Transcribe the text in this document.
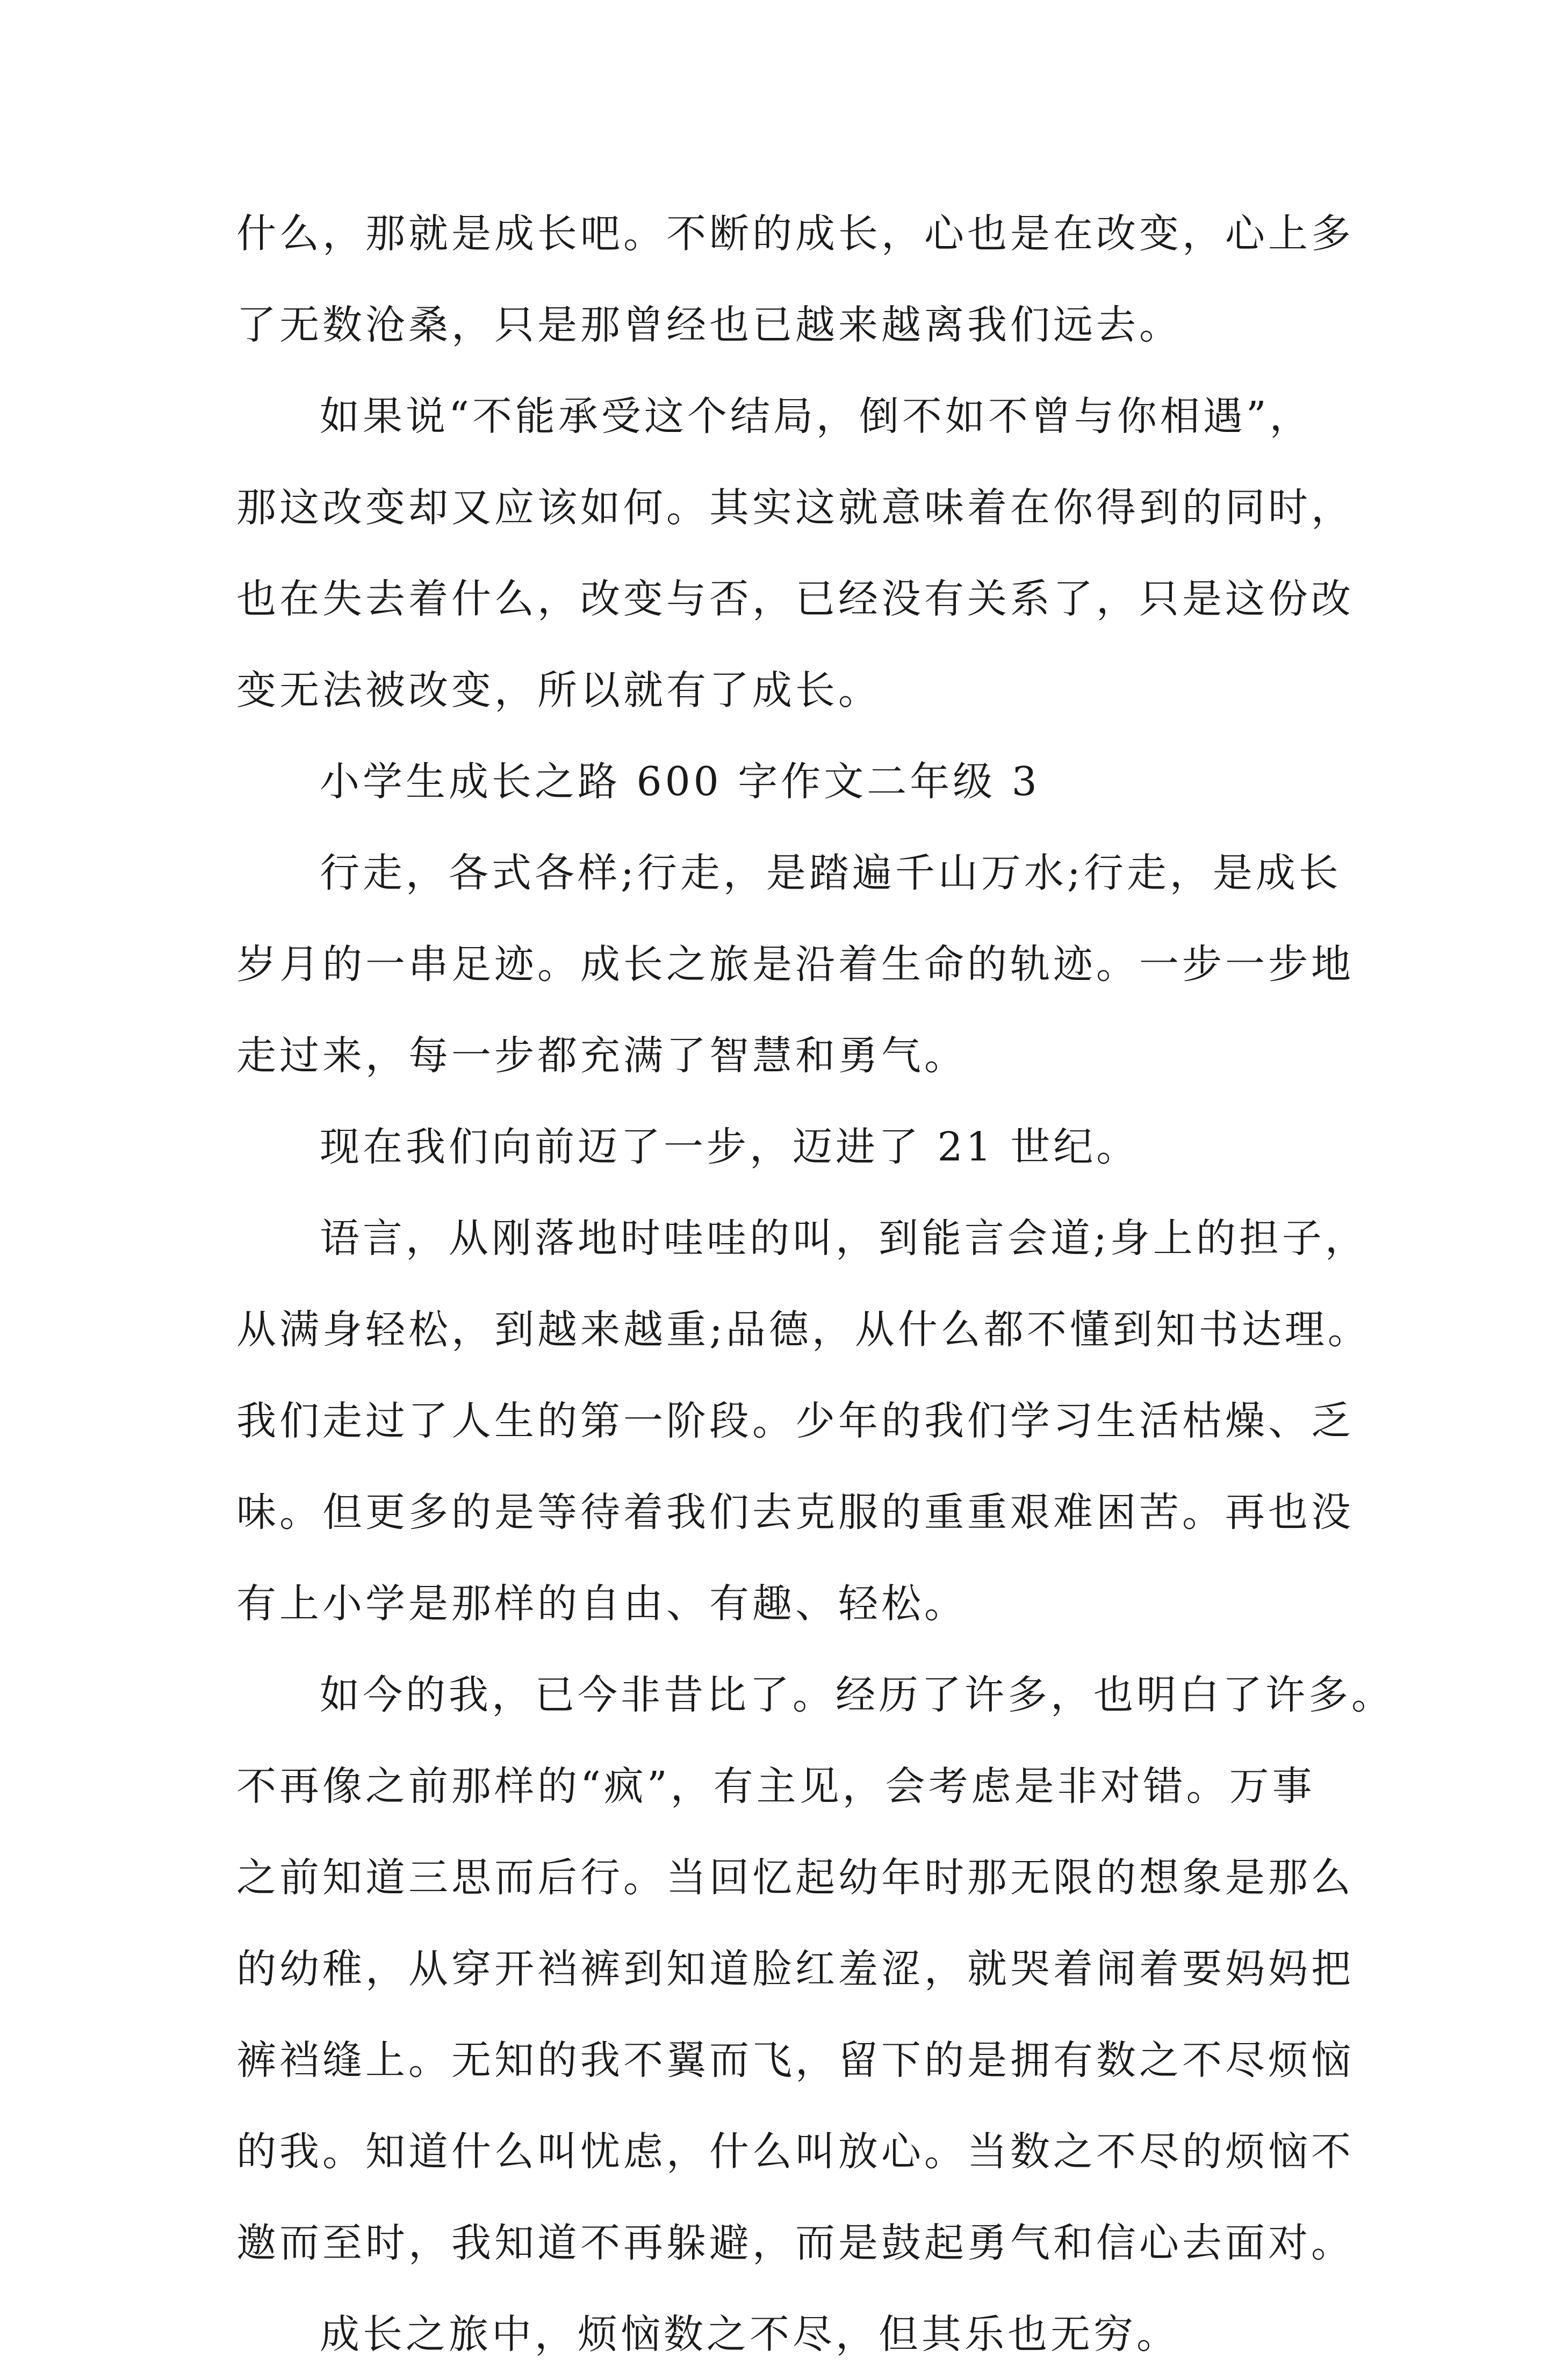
什么，那就是成长吧。不断的成长，心也是在改变，心上多
了无数沧桑，只是那曾经也已越来越离我们远去。
如果说“不能承受这个结局，倒不如不曾与你相遇”，
那这改变却又应该如何。其实这就意味着在你得到的同时，
也在失去着什么，改变与否，已经没有关系了，只是这份改
变无法被改变，所以就有了成长。
小学生成长之路 600 字作文二年级 3
行走，各式各样;行走，是踏遍千山万水;行走，是成长
岁月的一串足迹。成长之旅是沿着生命的轨迹。一步一步地
走过来，每一步都充满了智慧和勇气。
现在我们向前迈了一步，迈进了 21 世纪。
语言，从刚落地时哇哇的叫，到能言会道;身上的担子，
从满身轻松，到越来越重;品德，从什么都不懂到知书达理。
我们走过了人生的第一阶段。少年的我们学习生活枯燥、乏
味。但更多的是等待着我们去克服的重重艰难困苦。再也没
有上小学是那样的自由、有趣、轻松。
如今的我，已今非昔比了。经历了许多，也明白了许多。
不再像之前那样的“疯”，有主见，会考虑是非对错。万事
之前知道三思而后行。当回忆起幼年时那无限的想象是那么
的幼稚，从穿开裆裤到知道脸红羞涩，就哭着闹着要妈妈把
裤裆缝上。无知的我不翼而飞，留下的是拥有数之不尽烦恼
的我。知道什么叫忧虑，什么叫放心。当数之不尽的烦恼不
邀而至时，我知道不再躲避，而是鼓起勇气和信心去面对。
成长之旅中，烦恼数之不尽，但其乐也无穷。
